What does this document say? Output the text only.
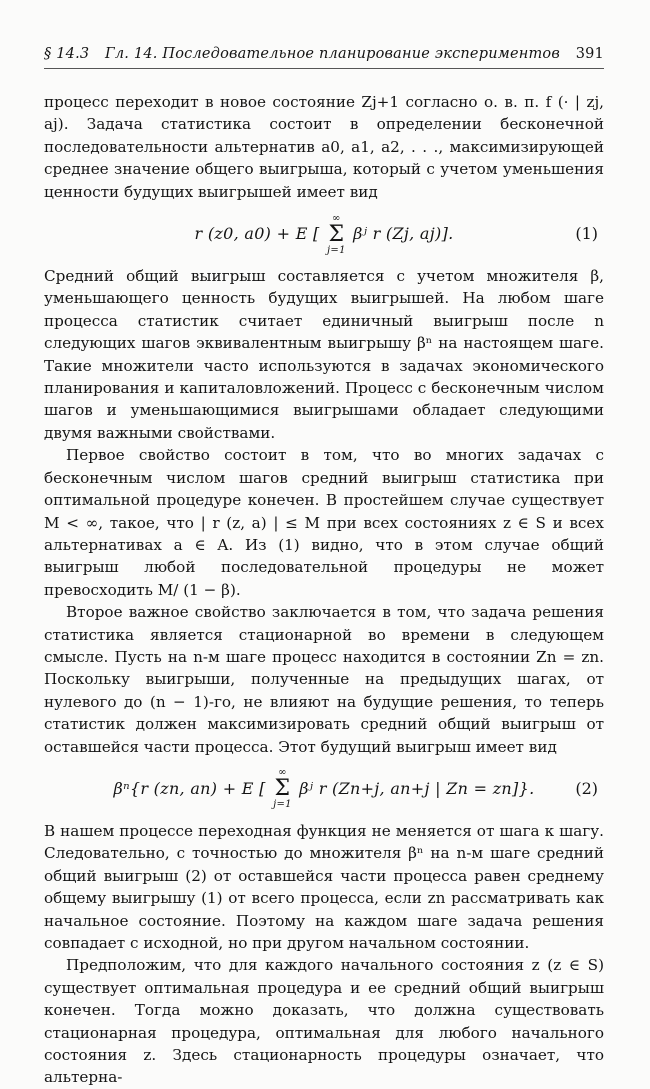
§ 14.3 Гл. 14. Последовательное планирование экспериментов 391

процесс переходит в новое состояние Zj+1 согласно о. в. п. f (· | zj, aj). Задача статистика состоит в определении бесконечной последовательности альтернатив a0, a1, a2, . . ., максимизирующей среднее значение общего выигрыша, который с учетом уменьшения ценности будущих выигрышей имеет вид

r (z0, a0) + E [
∞
Σ
j=1
βʲ r (Zj, aj)].	(1)

Средний общий выигрыш составляется с учетом множителя β, уменьшающего ценность будущих выигрышей. На любом шаге процесса статистик считает единичный выигрыш после n следующих шагов эквивалентным выигрышу βⁿ на настоящем шаге. Такие множители часто используются в задачах экономического планирования и капиталовложений. Процесс с бесконечным числом шагов и уменьшающимися выигрышами обладает следующими двумя важными свойствами.

Первое свойство состоит в том, что во многих задачах с бесконечным числом шагов средний выигрыш статистика при оптимальной процедуре конечен. В простейшем случае существует M < ∞, такое, что | r (z, a) | ≤ M при всех состояниях z ∈ S и всех альтернативах a ∈ A. Из (1) видно, что в этом случае общий выигрыш любой последовательной процедуры не может превосходить M/ (1 − β).

Второе важное свойство заключается в том, что задача решения статистика является стационарной во времени в следующем смысле. Пусть на n-м шаге процесс находится в состоянии Zn = zn. Поскольку выигрыши, полученные на предыдущих шагах, от нулевого до (n − 1)-го, не влияют на будущие решения, то теперь статистик должен максимизировать средний общий выигрыш от оставшейся части процесса. Этот будущий выигрыш имеет вид

βⁿ{r (zn, an) + E [
∞
Σ
j=1
βʲ r (Zn+j, an+j | Zn = zn]}.	(2)

В нашем процессе переходная функция не меняется от шага к шагу. Следовательно, с точностью до множителя βⁿ на n-м шаге средний общий выигрыш (2) от оставшейся части процесса равен среднему общему выигрышу (1) от всего процесса, если zn рассматривать как начальное состояние. Поэтому на каждом шаге задача решения совпадает с исходной, но при другом начальном состоянии.

Предположим, что для каждого начального состояния z (z ∈ S) существует оптимальная процедура и ее средний общий выигрыш конечен. Тогда можно доказать, что должна существовать стационарная процедура, оптимальная для любого начального состояния z. Здесь стационарность процедуры означает, что альтерна-
